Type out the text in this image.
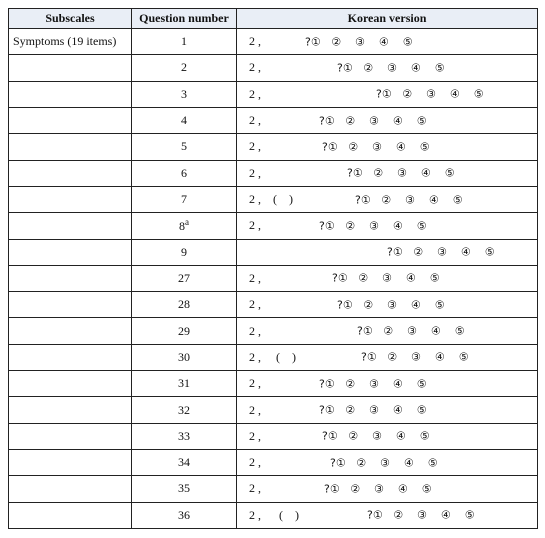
Subscales	Question number	Korean version
Symptoms (19 items)	1	2 , ?①   ②    ③    ④    ⑤

	2	2 , ?①   ②    ③    ④    ⑤

	3	2 , ?①   ②    ③    ④    ⑤

	4	2 , ?①   ②    ③    ④    ⑤

	5	2 , ?①   ②    ③    ④    ⑤

	6	2 , ?①   ②    ③    ④    ⑤

	7	2 ,    (    ) ?①   ②    ③    ④    ⑤

	8$^a$	2 , ?①   ②    ③    ④    ⑤

	9	?①   ②    ③    ④    ⑤

	27	2 , ?①   ②    ③    ④    ⑤

	28	2 , ?①   ②    ③    ④    ⑤

	29	2 , ?①   ②    ③    ④    ⑤

	30	2 ,     (    ) ?①   ②    ③    ④    ⑤

	31	2 , ?①   ②    ③    ④    ⑤

	32	2 , ?①   ②    ③    ④    ⑤

	33	2 , ?①   ②    ③    ④    ⑤

	34	2 , ?①   ②    ③    ④    ⑤

	35	2 , ?①   ②    ③    ④    ⑤

	36	2 ,      (    ) ?①   ②    ③    ④    ⑤
